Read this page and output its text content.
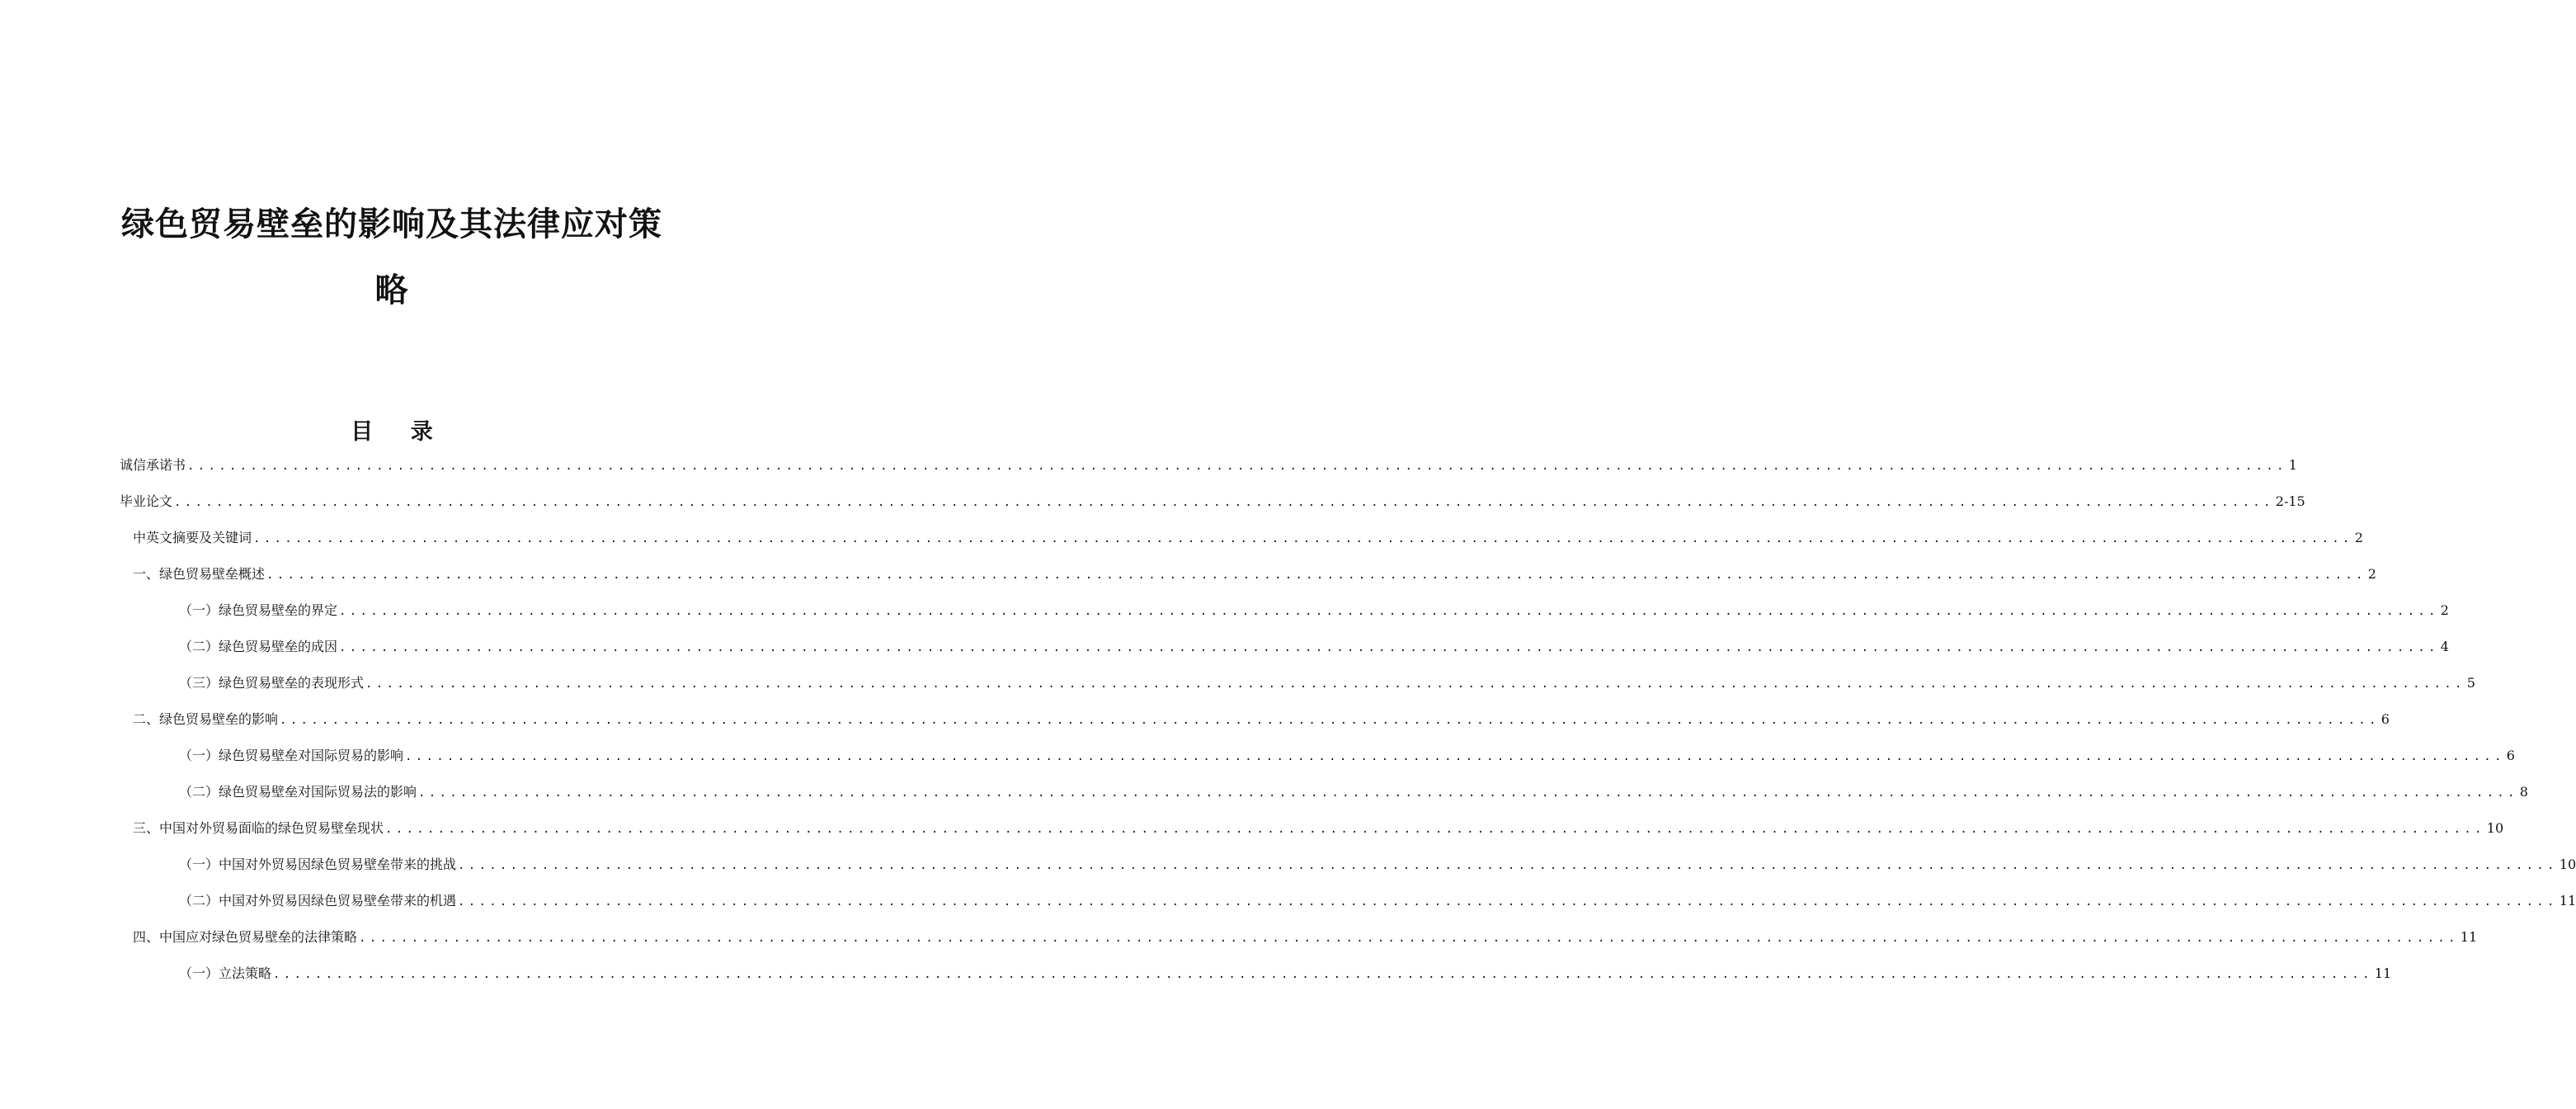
绿色贸易壁垒的影响及其法律应对策略
目 录
诚信承诺书 ........................................................................................................................................................................................................ 1
毕业论文 ........................................................................................................................................................................................................ 2-15
中英文摘要及关键词 ........................................................................................................................................................................................................ 2
一、绿色贸易壁垒概述 ........................................................................................................................................................................................................ 2
（一）绿色贸易壁垒的界定 ........................................................................................................................................................................................................ 2
（二）绿色贸易壁垒的成因 ........................................................................................................................................................................................................ 4
（三）绿色贸易壁垒的表现形式 ........................................................................................................................................................................................................ 5
二、绿色贸易壁垒的影响 ........................................................................................................................................................................................................ 6
（一）绿色贸易壁垒对国际贸易的影响 ........................................................................................................................................................................................................ 6
（二）绿色贸易壁垒对国际贸易法的影响 ........................................................................................................................................................................................................ 8
三、中国对外贸易面临的绿色贸易壁垒现状 ........................................................................................................................................................................................................ 10
（一）中国对外贸易因绿色贸易壁垒带来的挑战 ........................................................................................................................................................................................................ 10
（二）中国对外贸易因绿色贸易壁垒带来的机遇 ........................................................................................................................................................................................................ 11
四、中国应对绿色贸易壁垒的法律策略 ........................................................................................................................................................................................................ 11
（一）立法策略 ........................................................................................................................................................................................................ 11
